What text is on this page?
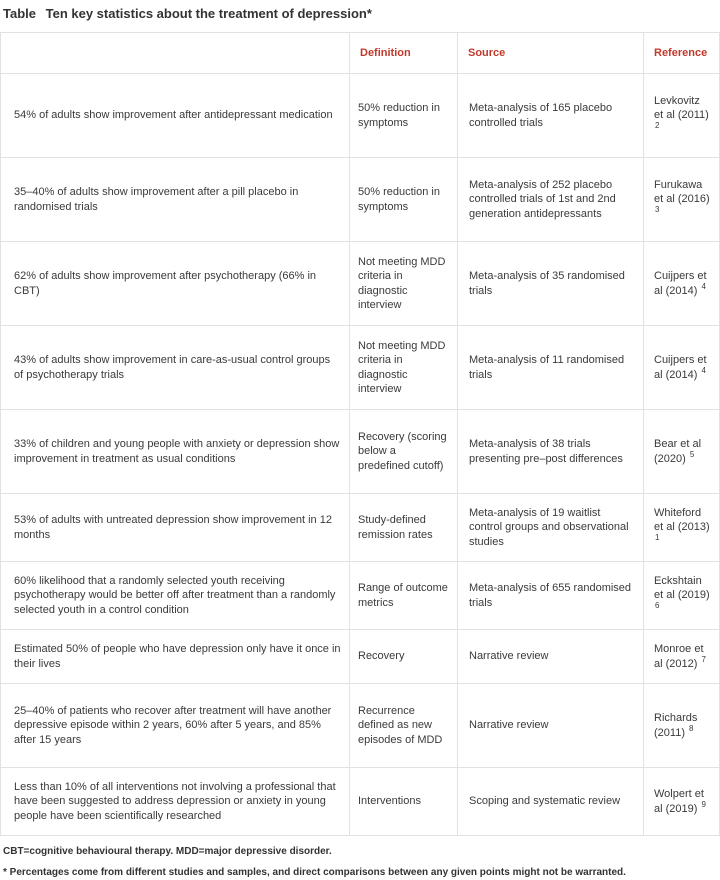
Table Ten key statistics about the treatment of depression*
	Definition	Source	Reference
54% of adults show improvement after antidepressant medication	50% reduction in symptoms	Meta-analysis of 165 placebo controlled trials	Levkovitz et al (2011) $^2$
35–40% of adults show improvement after a pill placebo in randomised trials	50% reduction in symptoms	Meta-analysis of 252 placebo controlled trials of 1st and 2nd generation antidepressants	Furukawa et al (2016) $^3$
62% of adults show improvement after psychotherapy (66% in CBT)	Not meeting MDD criteria in diagnostic interview	Meta-analysis of 35 randomised trials	Cuijpers et al (2014) $^4$
43% of adults show improvement in care-as-usual control groups of psychotherapy trials	Not meeting MDD criteria in diagnostic interview	Meta-analysis of 11 randomised trials	Cuijpers et al (2014) $^4$
33% of children and young people with anxiety or depression show improvement in treatment as usual conditions	Recovery (scoring below a predefined cutoff)	Meta-analysis of 38 trials presenting pre–post differences	Bear et al (2020) $^5$
53% of adults with untreated depression show improvement in 12 months	Study-defined remission rates	Meta-analysis of 19 waitlist control groups and observational studies	Whiteford et al (2013) $^1$
60% likelihood that a randomly selected youth receiving psychotherapy would be better off after treatment than a randomly selected youth in a control condition	Range of outcome metrics	Meta-analysis of 655 randomised trials	Eckshtain et al (2019) $^6$
Estimated 50% of people who have depression only have it once in their lives	Recovery	Narrative review	Monroe et al (2012) $^7$
25–40% of patients who recover after treatment will have another depressive episode within 2 years, 60% after 5 years, and 85% after 15 years	Recurrence defined as new episodes of MDD	Narrative review	Richards (2011) $^8$
Less than 10% of all interventions not involving a professional that have been suggested to address depression or anxiety in young people have been scientifically researched	Interventions	Scoping and systematic review	Wolpert et al (2019) $^9$
CBT=cognitive behavioural therapy. MDD=major depressive disorder.
* Percentages come from different studies and samples, and direct comparisons between any given points might not be warranted.
